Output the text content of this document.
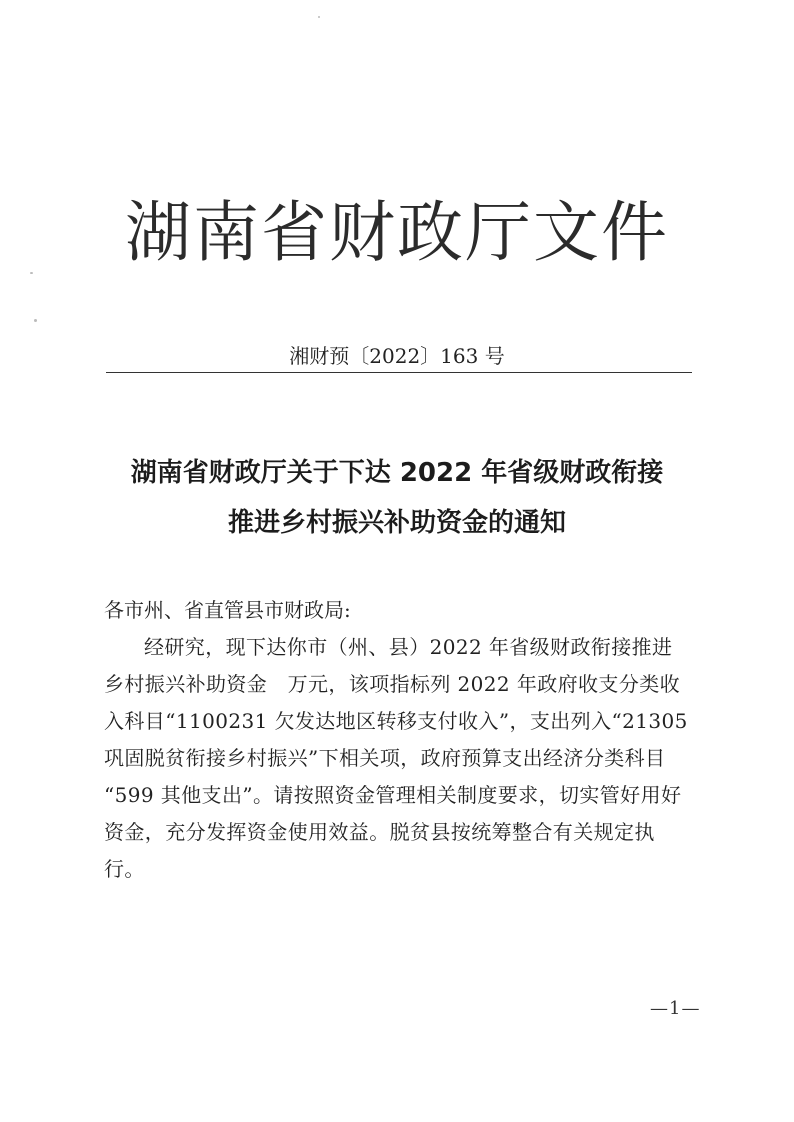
湖南省财政厅文件
湘财预〔2022〕163 号
湖南省财政厅关于下达 2022 年省级财政衔接
推进乡村振兴补助资金的通知
各市州、省直管县市财政局:
经研究，现下达你市（州、县）2022 年省级财政衔接推进
乡村振兴补助资金　万元，该项指标列 2022 年政府收支分类收
入科目“1100231 欠发达地区转移支付收入”，支出列入“21305
巩固脱贫衔接乡村振兴”下相关项，政府预算支出经济分类科目
“599 其他支出”。请按照资金管理相关制度要求，切实管好用好
资金，充分发挥资金使用效益。脱贫县按统筹整合有关规定执
行。
—1—
